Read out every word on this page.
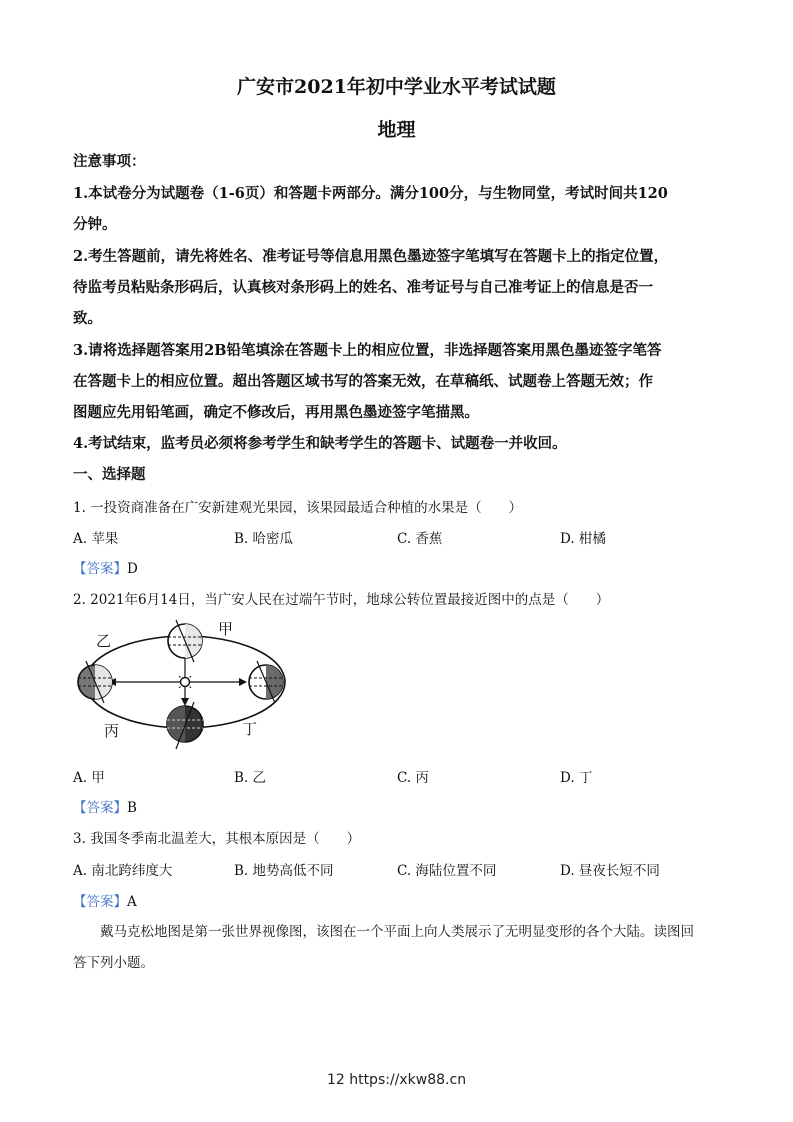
广安市2021年初中学业水平考试试题
地理
注意事项：
1.本试卷分为试题卷（1-6页）和答题卡两部分。满分100分，与生物同堂，考试时间共120
分钟。
2.考生答题前，请先将姓名、准考证号等信息用黑色墨迹签字笔填写在答题卡上的指定位置，
待监考员粘贴条形码后，认真核对条形码上的姓名、准考证号与自己准考证上的信息是否一
致。
3.请将选择题答案用2B铅笔填涂在答题卡上的相应位置，非选择题答案用黑色墨迹签字笔答
在答题卡上的相应位置。超出答题区域书写的答案无效，在草稿纸、试题卷上答题无效；作
图题应先用铅笔画，确定不修改后，再用黑色墨迹签字笔描黑。
4.考试结束，监考员必须将参考学生和缺考学生的答题卡、试题卷一并收回。
一、选择题
1. 一投资商准备在广安新建观光果园，该果园最适合种植的水果是（　　）
A. 苹果	B. 哈密瓜	C. 香蕉	D. 柑橘
【答案】D
2. 2021年6月14日，当广安人民在过端午节时，地球公转位置最接近图中的点是（　　）
甲
乙
丙	丁
A. 甲	B. 乙	C. 丙	D. 丁
【答案】B
3. 我国冬季南北温差大，其根本原因是（　　）
A. 南北跨纬度大	B. 地势高低不同	C. 海陆位置不同	D. 昼夜长短不同
【答案】A
戴马克松地图是第一张世界视像图，该图在一个平面上向人类展示了无明显变形的各个大陆。读图回
答下列小题。
12 https://xkw88.cn
